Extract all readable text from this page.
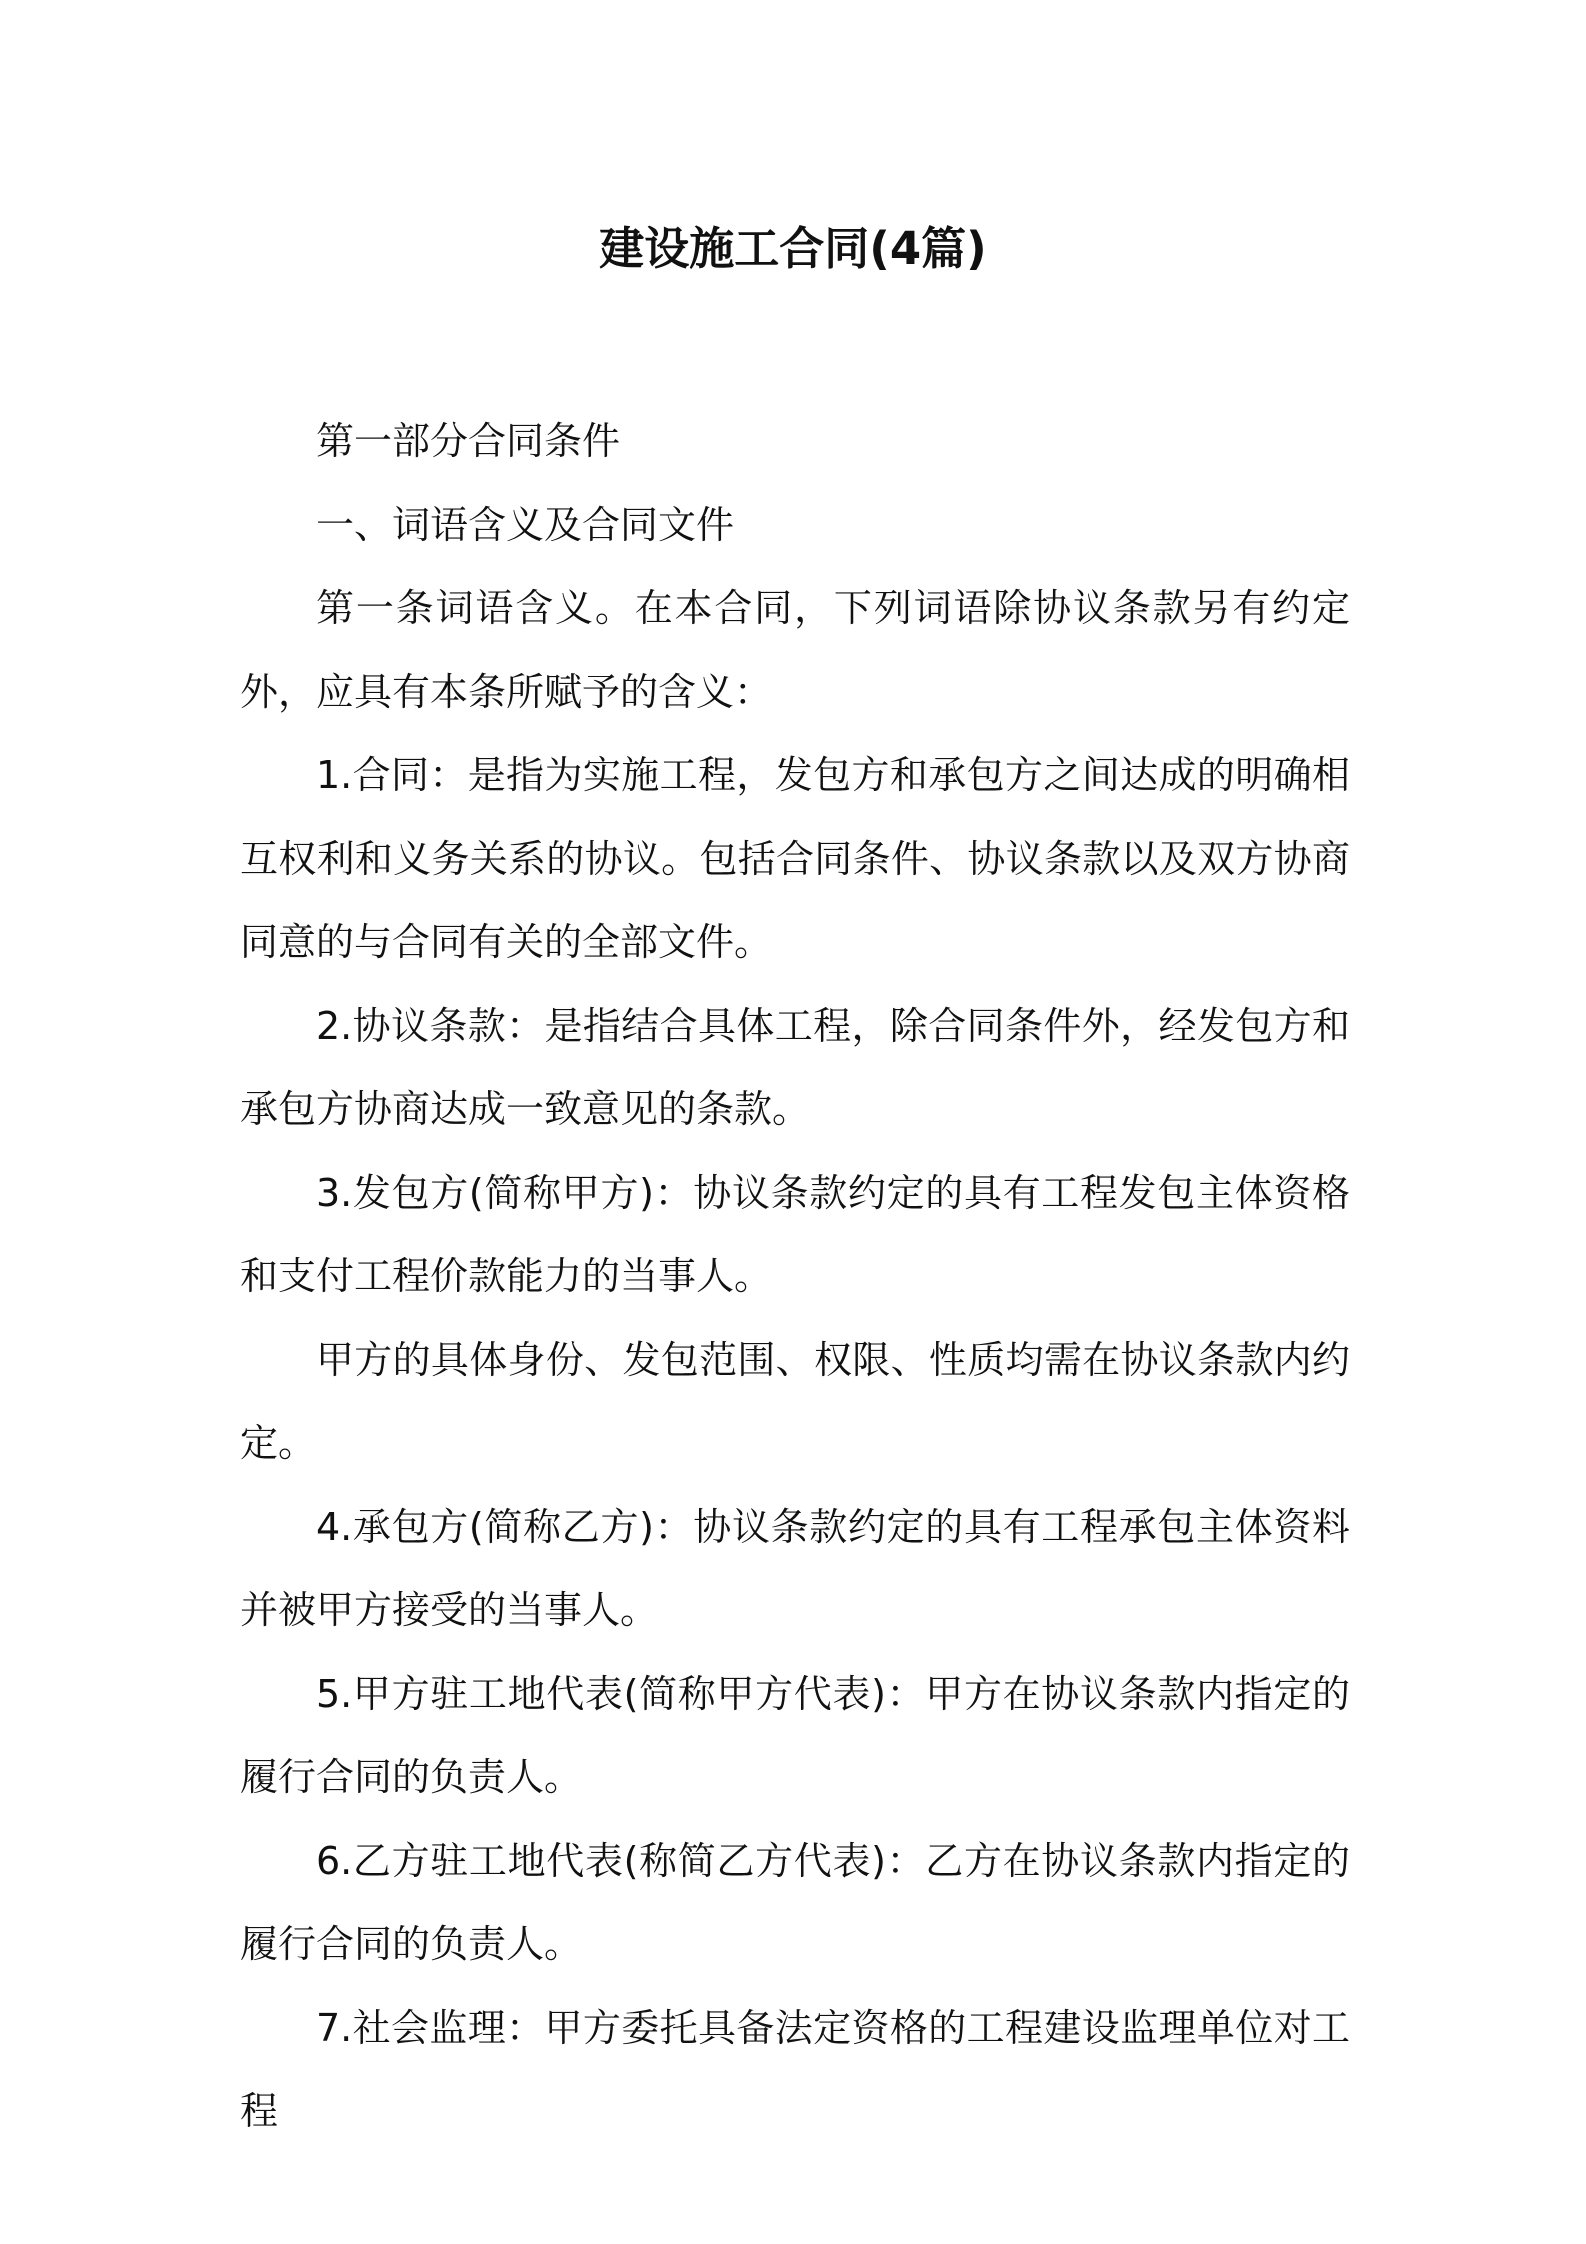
建设施工合同(4篇)

第一部分合同条件

一、词语含义及合同文件

第一条词语含义。在本合同，下列词语除协议条款另有约定外，应具有本条所赋予的含义：

1.合同：是指为实施工程，发包方和承包方之间达成的明确相互权利和义务关系的协议。包括合同条件、协议条款以及双方协商同意的与合同有关的全部文件。

2.协议条款：是指结合具体工程，除合同条件外，经发包方和承包方协商达成一致意见的条款。

3.发包方(简称甲方)：协议条款约定的具有工程发包主体资格和支付工程价款能力的当事人。

甲方的具体身份、发包范围、权限、性质均需在协议条款内约定。

4.承包方(简称乙方)：协议条款约定的具有工程承包主体资料并被甲方接受的当事人。

5.甲方驻工地代表(简称甲方代表)：甲方在协议条款内指定的履行合同的负责人。

6.乙方驻工地代表(称简乙方代表)：乙方在协议条款内指定的履行合同的负责人。

7.社会监理：甲方委托具备法定资格的工程建设监理单位对工程
